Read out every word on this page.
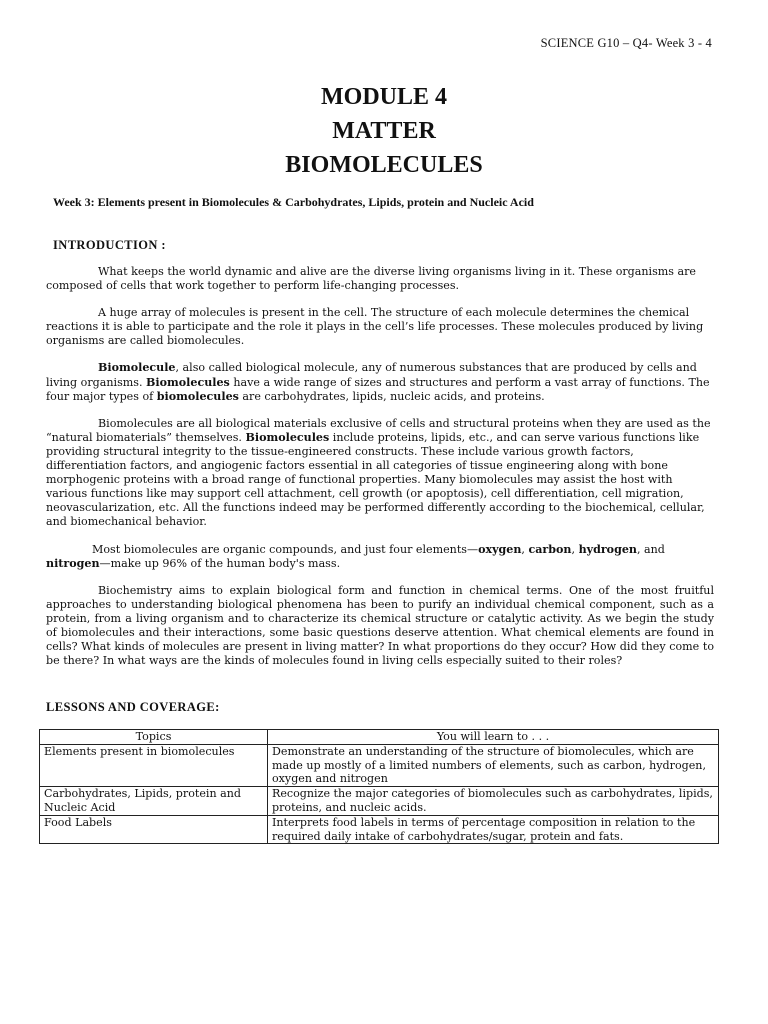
SCIENCE G10 – Q4- Week 3 - 4
MODULE 4
MATTER
BIOMOLECULES
Week 3: Elements present in Biomolecules & Carbohydrates, Lipids, protein and Nucleic Acid
INTRODUCTION :

What keeps the world dynamic and alive are the diverse living organisms living in it. These organisms are composed of cells that work together to perform life-changing processes.

A huge array of molecules is present in the cell. The structure of each molecule determines the chemical reactions it is able to participate and the role it plays in the cell’s life processes. These molecules produced by living organisms are called biomolecules.

Biomolecule, also called biological molecule, any of numerous substances that are produced by cells and living organisms. Biomolecules have a wide range of sizes and structures and perform a vast array of functions. The four major types of biomolecules are carbohydrates, lipids, nucleic acids, and proteins.

Biomolecules are all biological materials exclusive of cells and structural proteins when they are used as the “natural biomaterials” themselves. Biomolecules include proteins, lipids, etc., and can serve various functions like providing structural integrity to the tissue-engineered constructs. These include various growth factors, differentiation factors, and angiogenic factors essential in all categories of tissue engineering along with bone morphogenic proteins with a broad range of functional properties. Many biomolecules may assist the host with various functions like may support cell attachment, cell growth (or apoptosis), cell differentiation, cell migration, neovascularization, etc. All the functions indeed may be performed differently according to the biochemical, cellular, and biomechanical behavior.

Most biomolecules are organic compounds, and just four elements—oxygen, carbon, hydrogen, and nitrogen—make up 96% of the human body's mass.

Biochemistry aims to explain biological form and function in chemical terms. One of the most fruitful approaches to understanding biological phenomena has been to purify an individual chemical component, such as a protein, from a living organism and to characterize its chemical structure or catalytic activity. As we begin the study of biomolecules and their interactions, some basic questions deserve attention. What chemical elements are found in cells? What kinds of molecules are present in living matter? In what proportions do they occur? How did they come to be there? In what ways are the kinds of molecules found in living cells especially suited to their roles?

LESSONS AND COVERAGE:
Topics	You will learn to . . .
Elements present in biomolecules	Demonstrate an understanding of the structure of biomolecules, which are made up mostly of a limited numbers of elements, such as carbon, hydrogen, oxygen and nitrogen
Carbohydrates, Lipids, protein and Nucleic Acid	Recognize the major categories of biomolecules such as carbohydrates, lipids, proteins, and nucleic acids.
Food Labels	Interprets food labels in terms of percentage composition in relation to the required daily intake of carbohydrates/sugar, protein and fats.
